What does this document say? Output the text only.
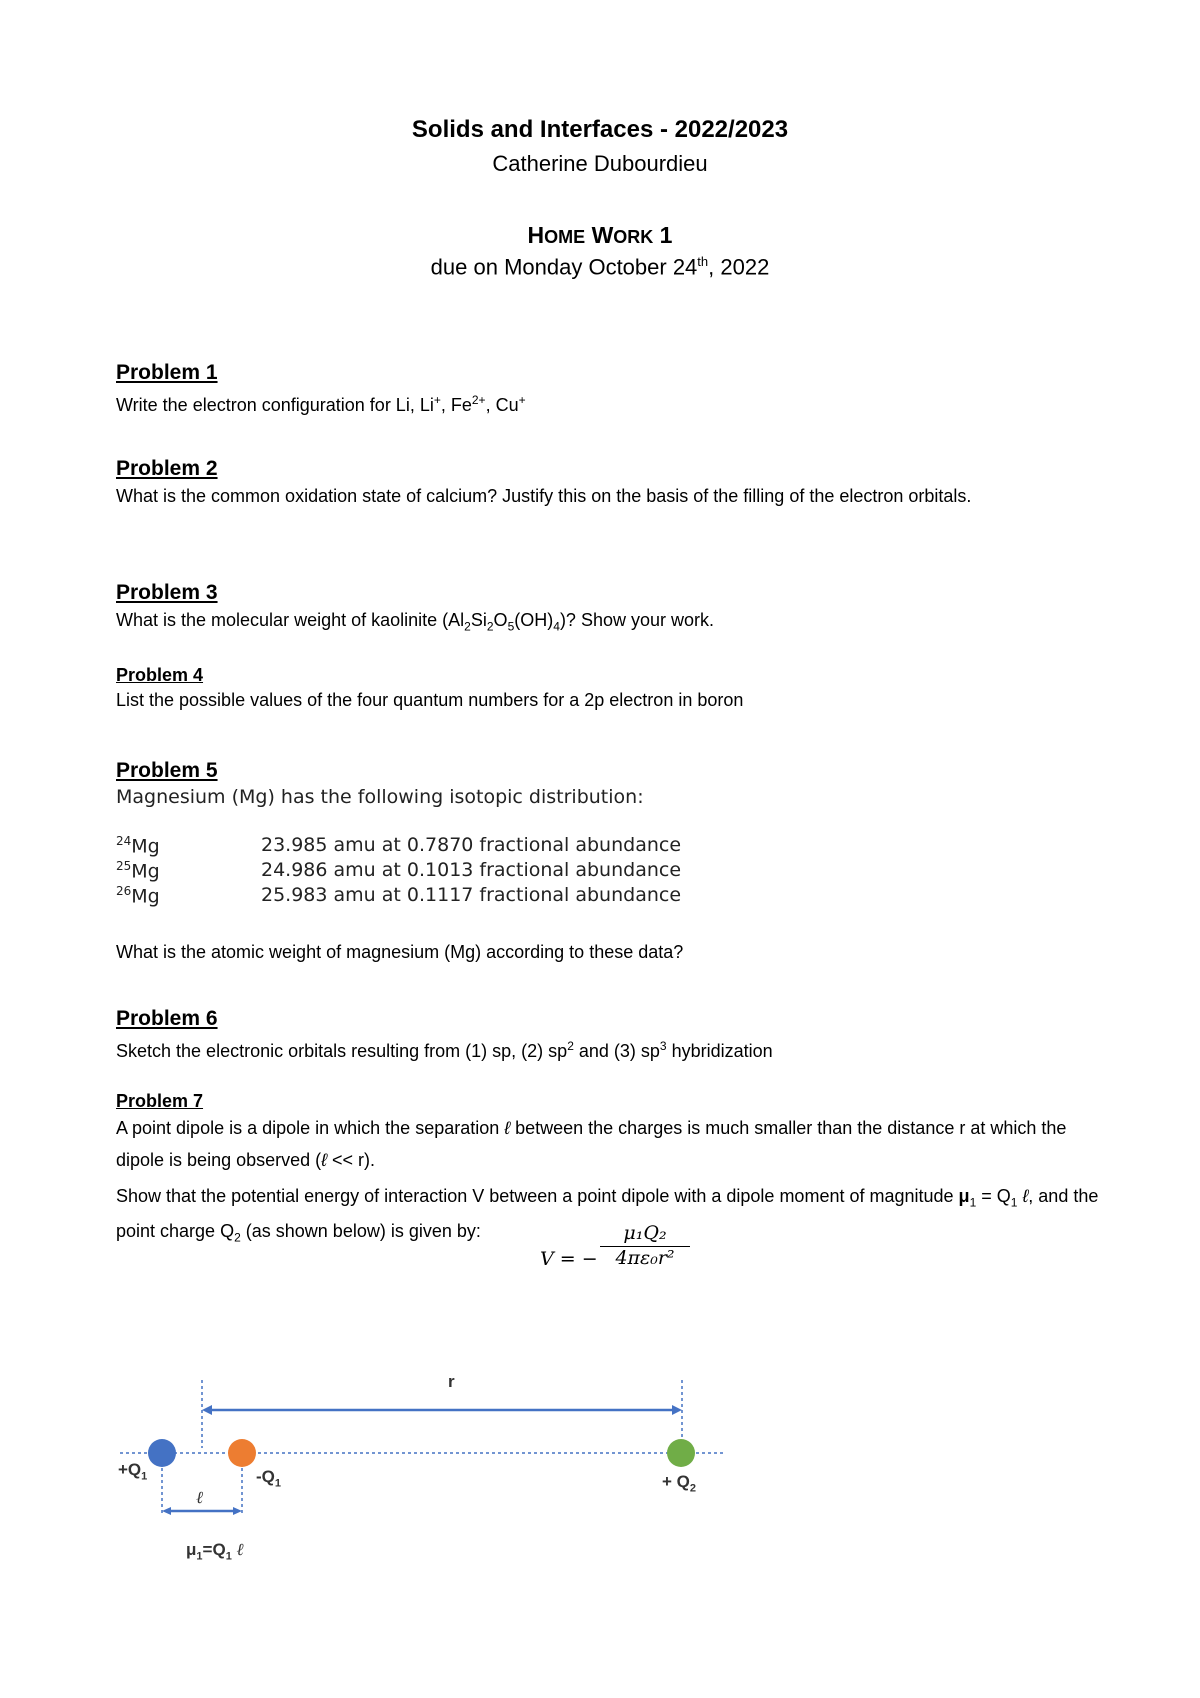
Solids and Interfaces - 2022/2023
Catherine Dubourdieu
HOME WORK 1
due on Monday October 24th, 2022
Problem 1
Write the electron configuration for Li, Li+, $Fe^{2+}$, Cu+
Problem 2
What is the common oxidation state of calcium? Justify this on the basis of the filling of the electron orbitals.
Problem 3
What is the molecular weight of kaolinite $(Al_2Si_2O_5(OH)_4)$? Show your work.
Problem 4
List the possible values of the four quantum numbers for a 2p electron in boron
Problem 5
Magnesium (Mg) has the following isotopic distribution:
$^{24}$Mg	23.985 amu at 0.7870 fractional abundance
$^{25}$Mg	24.986 amu at 0.1013 fractional abundance
$^{26}$Mg	25.983 amu at 0.1117 fractional abundance
What is the atomic weight of magnesium (Mg) according to these data?
Problem 6
Sketch the electronic orbitals resulting from (1) sp, (2) $sp^2$ and (3) $sp^3$ hybridization
Problem 7
A point dipole is a dipole in which the separation ℓ between the charges is much smaller than the distance r at which the dipole is being observed (ℓ << r).
Show that the potential energy of interaction V between a point dipole with a dipole moment of magnitude $\mu_1 = Q_1$ ℓ, and the point charge $Q_2$ (as shown below) is given by:
V = − $\frac{\text{μ₁Q₂}}{\text{4πε₀r²}}$
r
$+Q_1$	$-Q_1$	+ $Q_2$
ℓ
$\mu_1=Q_1$ ℓ
